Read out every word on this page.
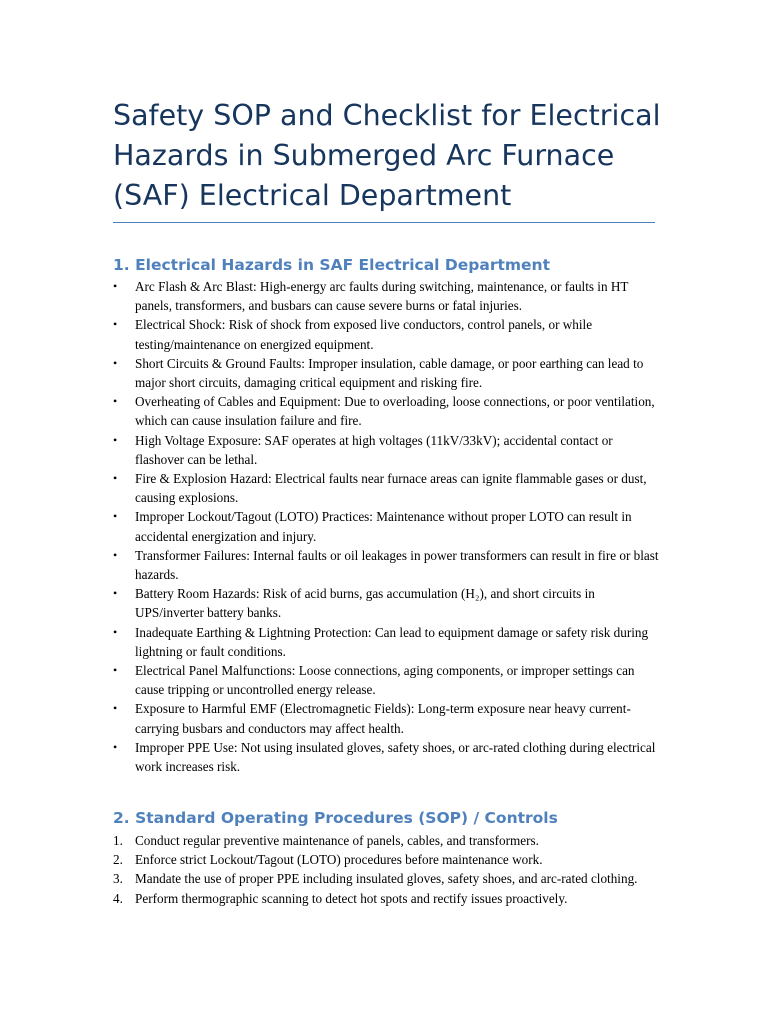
Safety SOP and Checklist for Electrical Hazards in Submerged Arc Furnace (SAF) Electrical Department
1. Electrical Hazards in SAF Electrical Department
•	Arc Flash & Arc Blast: High-energy arc faults during switching, maintenance, or faults in HT panels, transformers, and busbars can cause severe burns or fatal injuries.
•	Electrical Shock: Risk of shock from exposed live conductors, control panels, or while testing/maintenance on energized equipment.
•	Short Circuits & Ground Faults: Improper insulation, cable damage, or poor earthing can lead to major short circuits, damaging critical equipment and risking fire.
•	Overheating of Cables and Equipment: Due to overloading, loose connections, or poor ventilation, which can cause insulation failure and fire.
•	High Voltage Exposure: SAF operates at high voltages (11kV/33kV); accidental contact or flashover can be lethal.
•	Fire & Explosion Hazard: Electrical faults near furnace areas can ignite flammable gases or dust, causing explosions.
•	Improper Lockout/Tagout (LOTO) Practices: Maintenance without proper LOTO can result in accidental energization and injury.
•	Transformer Failures: Internal faults or oil leakages in power transformers can result in fire or blast hazards.
•	Battery Room Hazards: Risk of acid burns, gas accumulation (H₂), and short circuits in UPS/inverter battery banks.
•	Inadequate Earthing & Lightning Protection: Can lead to equipment damage or safety risk during lightning or fault conditions.
•	Electrical Panel Malfunctions: Loose connections, aging components, or improper settings can cause tripping or uncontrolled energy release.
•	Exposure to Harmful EMF (Electromagnetic Fields): Long-term exposure near heavy current-carrying busbars and conductors may affect health.
•	Improper PPE Use: Not using insulated gloves, safety shoes, or arc-rated clothing during electrical work increases risk.
2. Standard Operating Procedures (SOP) / Controls
1. Conduct regular preventive maintenance of panels, cables, and transformers.
2. Enforce strict Lockout/Tagout (LOTO) procedures before maintenance work.
3. Mandate the use of proper PPE including insulated gloves, safety shoes, and arc-rated clothing.
4. Perform thermographic scanning to detect hot spots and rectify issues proactively.
